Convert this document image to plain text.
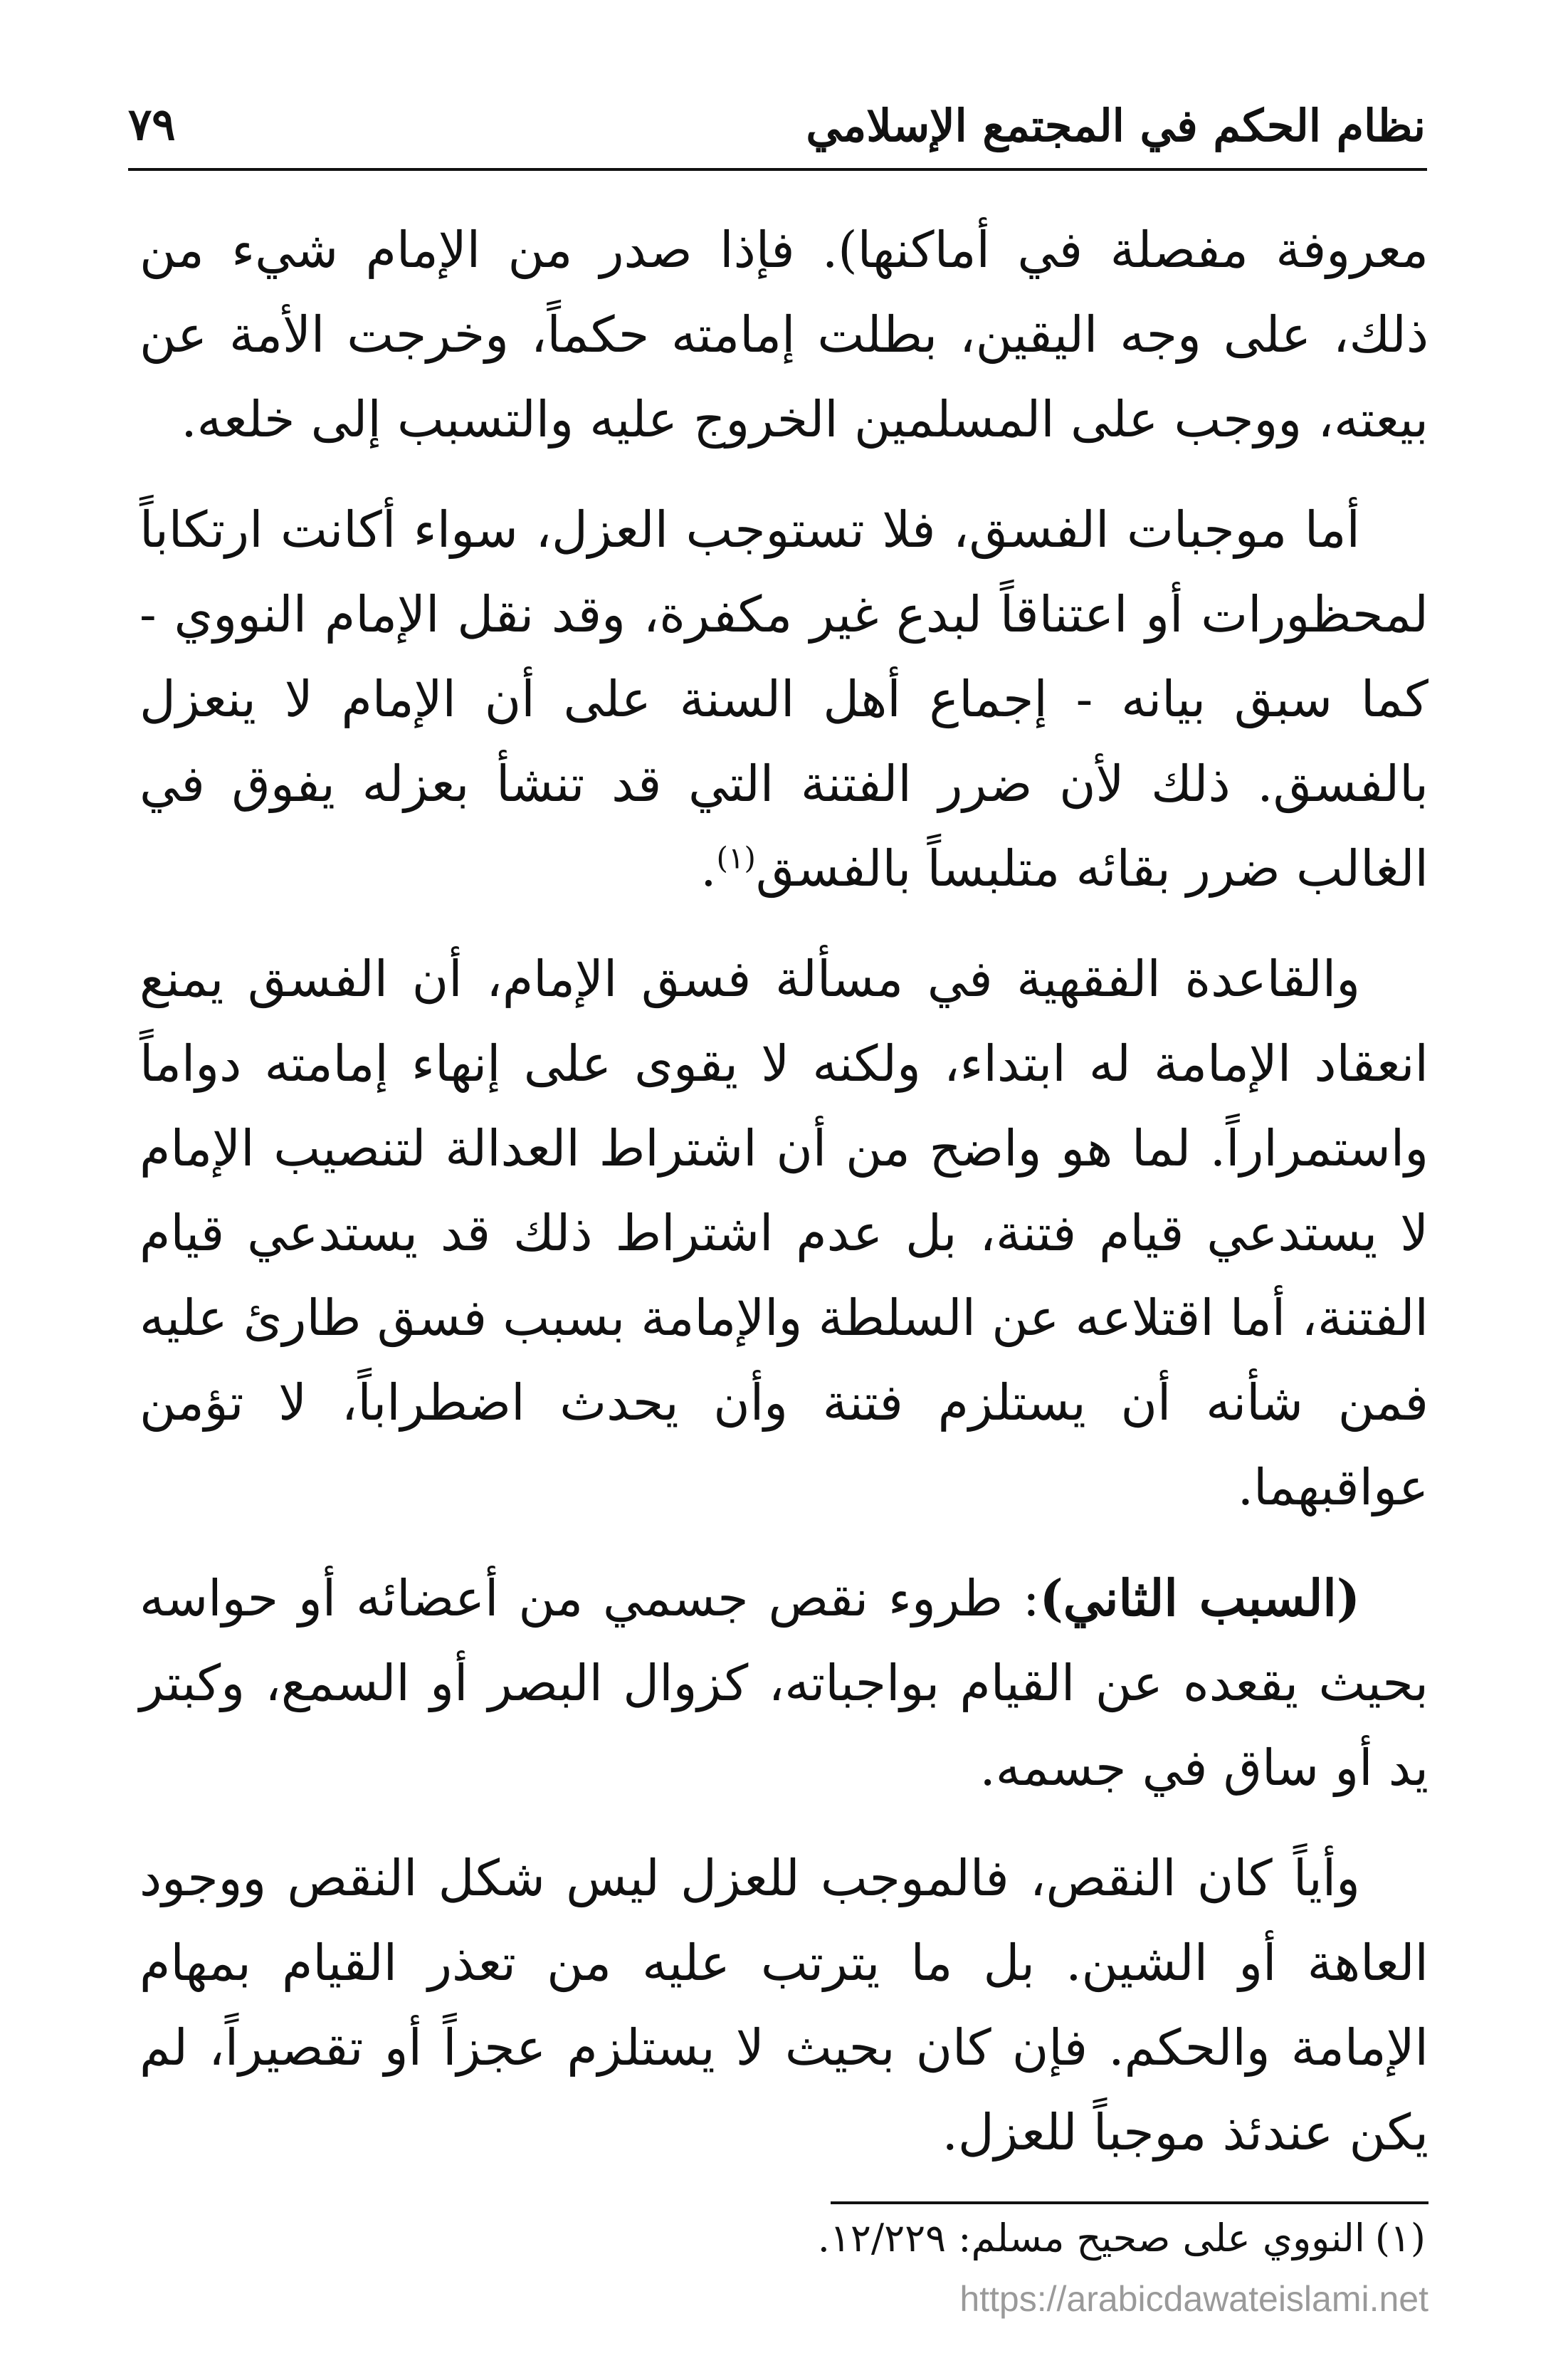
نظام الحكم في المجتمع الإسلامي
٧٩

معروفة مفصلة في أماكنها). فإذا صدر من الإمام شيء من ذلك، على وجه اليقين، بطلت إمامته حكماً، وخرجت الأمة عن بيعته، ووجب على المسلمين الخروج عليه والتسبب إلى خلعه.

أما موجبات الفسق، فلا تستوجب العزل، سواء أكانت ارتكاباً لمحظورات أو اعتناقاً لبدع غير مكفرة، وقد نقل الإمام النووي - كما سبق بيانه - إجماع أهل السنة على أن الإمام لا ينعزل بالفسق. ذلك لأن ضرر الفتنة التي قد تنشأ بعزله يفوق في الغالب ضرر بقائه متلبساً بالفسق$^{(١)}$.

والقاعدة الفقهية في مسألة فسق الإمام، أن الفسق يمنع انعقاد الإمامة له ابتداء، ولكنه لا يقوى على إنهاء إمامته دواماً واستمراراً. لما هو واضح من أن اشتراط العدالة لتنصيب الإمام لا يستدعي قيام فتنة، بل عدم اشتراط ذلك قد يستدعي قيام الفتنة، أما اقتلاعه عن السلطة والإمامة بسبب فسق طارئ عليه فمن شأنه أن يستلزم فتنة وأن يحدث اضطراباً، لا تؤمن عواقبهما.

(السبب الثاني): طروء نقص جسمي من أعضائه أو حواسه بحيث يقعده عن القيام بواجباته، كزوال البصر أو السمع، وكبتر يد أو ساق في جسمه.

وأياً كان النقص، فالموجب للعزل ليس شكل النقص ووجود العاهة أو الشين. بل ما يترتب عليه من تعذر القيام بمهام الإمامة والحكم. فإن كان بحيث لا يستلزم عجزاً أو تقصيراً، لم يكن عندئذ موجباً للعزل.

(١)النووي على صحيح مسلم: ١٢/٢٢٩.
https://arabicdawateislami.net
